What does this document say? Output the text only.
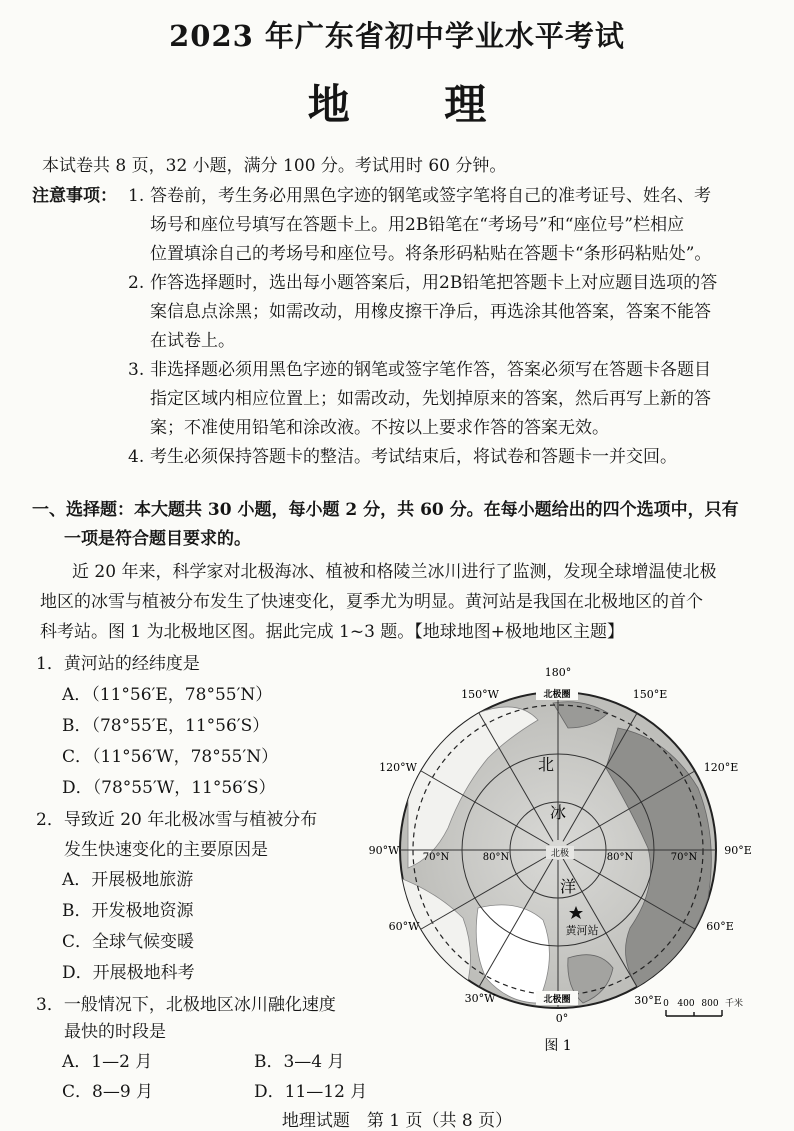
2023 年广东省初中学业水平考试
地 理
本试卷共 8 页，32 小题，满分 100 分。考试用时 60 分钟。
注意事项： 1. 答卷前，考生务必用黑色字迹的钢笔或签字笔将自己的准考证号、姓名、考
场号和座位号填写在答题卡上。用2B铅笔在“考场号”和“座位号”栏相应
位置填涂自己的考场号和座位号。将条形码粘贴在答题卡“条形码粘贴处”。
2. 作答选择题时，选出每小题答案后，用2B铅笔把答题卡上对应题目选项的答
案信息点涂黑；如需改动，用橡皮擦干净后，再选涂其他答案，答案不能答
在试卷上。
3. 非选择题必须用黑色字迹的钢笔或签字笔作答，答案必须写在答题卡各题目
指定区域内相应位置上；如需改动，先划掉原来的答案，然后再写上新的答
案；不准使用铅笔和涂改液。不按以上要求作答的答案无效。
4. 考生必须保持答题卡的整洁。考试结束后，将试卷和答题卡一并交回。
一、选择题：本大题共 30 小题，每小题 2 分，共 60 分。在每小题给出的四个选项中，只有
一项是符合题目要求的。
近 20 年来，科学家对北极海冰、植被和格陵兰冰川进行了监测，发现全球增温使北极
地区的冰雪与植被分布发生了快速变化，夏季尤为明显。黄河站是我国在北极地区的首个
科考站。图 1 为北极地区图。据此完成 1~3 题。【地球地图+极地地区主题】
1．黄河站的经纬度是
A．（11°56′E，78°55′N）
B．（78°55′E，11°56′S）
C．（11°56′W，78°55′N）
D．（78°55′W，11°56′S）
2．导致近 20 年北极冰雪与植被分布
发生快速变化的主要原因是
A．开展极地旅游
B．开发极地资源
C．全球气候变暖
D．开展极地科考
3．一般情况下，北极地区冰川融化速度
最快的时段是
A．1—2 月	B．3—4 月
C．8—9 月	D．11—12 月
180°
150°E
120°E
90°E
60°E
30°E
0°
30°W
60°W
90°W
120°W
150°W
70°N	80°N	80°N	70°N
北极圈
北极圈
北极
北
冰
洋
黄河站
0 400 800 千米
图 1
地理试题　第 1 页（共 8 页）
